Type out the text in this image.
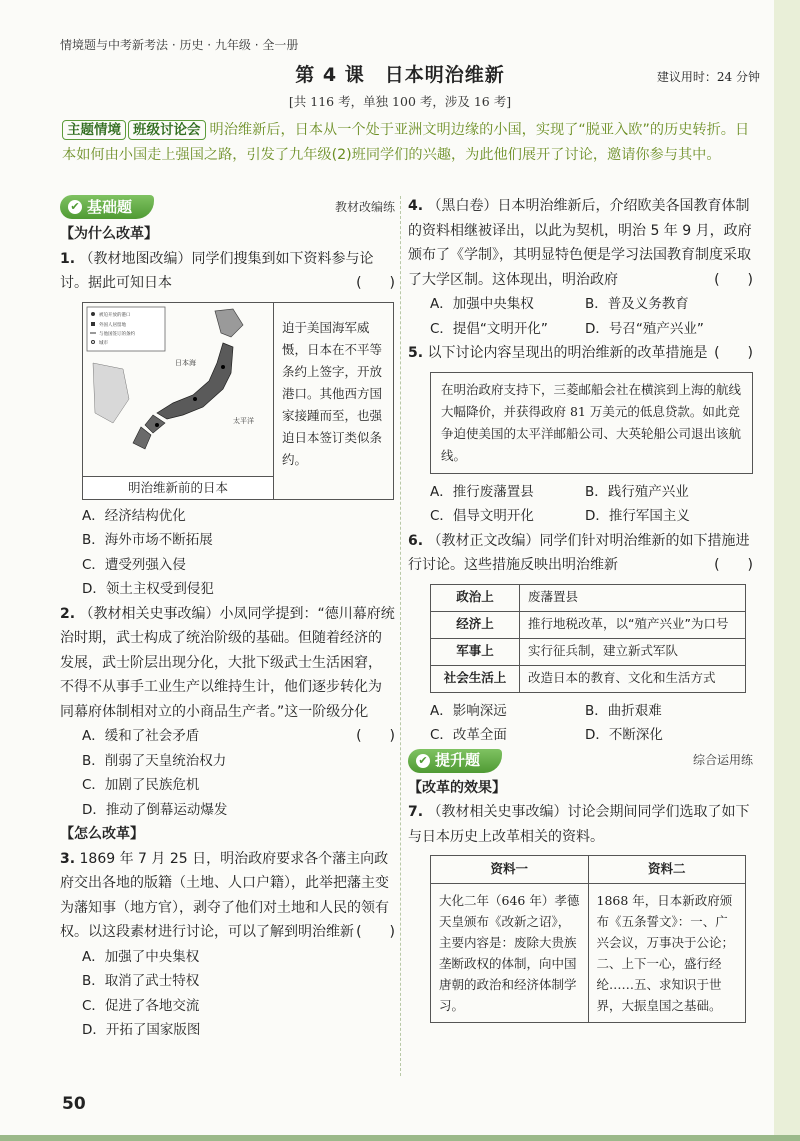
情境题与中考新考法 · 历史 · 九年级 · 全一册
第 4 课　日本明治维新	建议用时：24 分钟
[共 116 考，单独 100 考，涉及 16 考]
主题情境 班级讨论会 明治维新后，日本从一个处于亚洲文明边缘的小国，实现了“脱亚入欧”的历史转折。日本如何由小国走上强国之路，引发了九年级(2)班同学们的兴趣，为此他们展开了讨论，邀请你参与其中。
✔ 基础题	教材改编练
【为什么改革】
1. （教材地图改编）同学们搜集到如下资料参与论讨。据此可知日本	(　　)
被迫开放的港口
外国人居留地
与他国签订的条约
城市
日本海
太平洋
明治维新前的日本
迫于美国海军威慑，日本在不平等条约上签字，开放港口。其他西方国家接踵而至，也强迫日本签订类似条约。
A．经济结构优化
B．海外市场不断拓展
C．遭受列强入侵
D．领土主权受到侵犯
2. （教材相关史事改编）小凤同学提到：“德川幕府统治时期，武士构成了统治阶级的基础。但随着经济的发展，武士阶层出现分化，大批下级武士生活困窘，不得不从事手工业生产以维持生计，他们逐步转化为同幕府体制相对立的小商品生产者。”这一阶级分化
(　　)
A．缓和了社会矛盾
B．削弱了天皇统治权力
C．加剧了民族危机
D．推动了倒幕运动爆发
【怎么改革】
3. 1869 年 7 月 25 日，明治政府要求各个藩主向政府交出各地的版籍（土地、人口户籍），此举把藩主变为藩知事（地方官），剥夺了他们对土地和人民的领有权。以这段素材进行讨论，可以了解到明治维新 (　　)
A．加强了中央集权
B．取消了武士特权
C．促进了各地交流
D．开拓了国家版图
4. （黑白卷）日本明治维新后，介绍欧美各国教育体制的资料相继被译出，以此为契机，明治 5 年 9 月，政府颁布了《学制》，其明显特色便是学习法国教育制度采取了大学区制。这体现出，明治政府	(　　)
A．加强中央集权	B．普及义务教育
C．提倡“文明开化”	D．号召“殖产兴业”
5. 以下讨论内容呈现出的明治维新的改革措施是 (　　)
在明治政府支持下，三菱邮船会社在横滨到上海的航线大幅降价，并获得政府 81 万美元的低息贷款。如此竞争迫使美国的太平洋邮船公司、大英轮船公司退出该航线。
A．推行废藩置县	B．践行殖产兴业
C．倡导文明开化	D．推行军国主义
6. （教材正文改编）同学们针对明治维新的如下措施进行讨论。这些措施反映出明治维新	(　　)
政治上	废藩置县
经济上	推行地税改革，以“殖产兴业”为口号
军事上	实行征兵制，建立新式军队
社会生活上	改造日本的教育、文化和生活方式
A．影响深远	B．曲折艰难
C．改革全面	D．不断深化
✔ 提升题	综合运用练
【改革的效果】
7. （教材相关史事改编）讨论会期间同学们选取了如下与日本历史上改革相关的资料。
资料一	资料二
大化二年（646 年）孝德天皇颁布《改新之诏》，主要内容是：废除大贵族垄断政权的体制，向中国唐朝的政治和经济体制学习。	1868 年，日本新政府颁布《五条誓文》：一、广兴会议，万事决于公论；二、上下一心，盛行经纶……五、求知识于世界，大振皇国之基础。
50
